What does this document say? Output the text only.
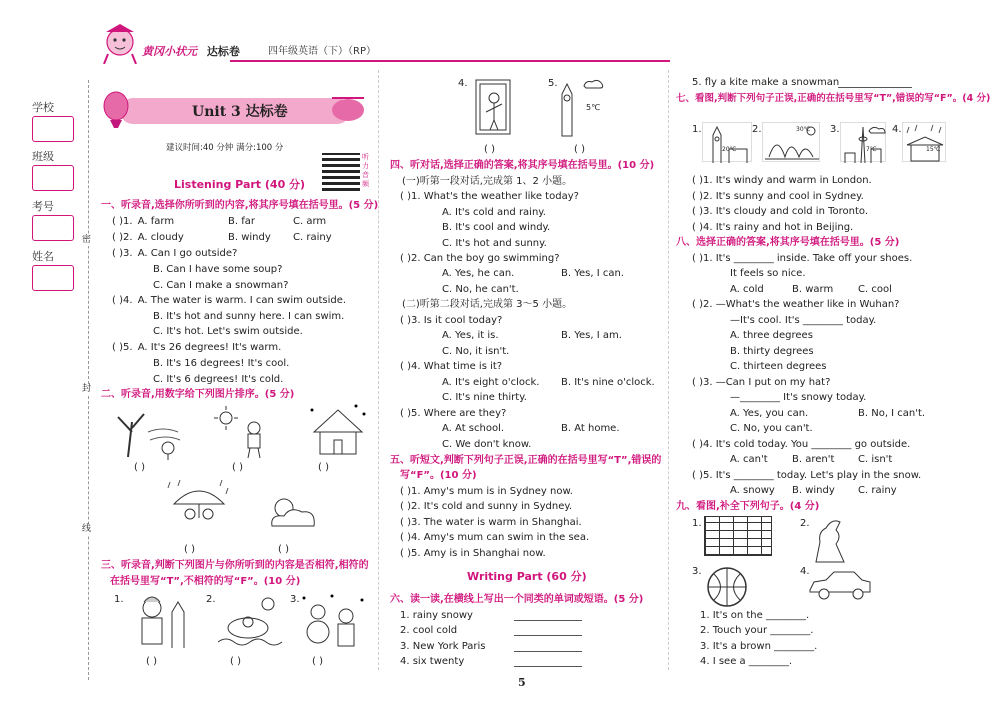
黄冈小状元 达标卷	四年级英语（下）（RP）
学校
班级
考号
姓名
密
封
线
Unit 3 达标卷
建议时间:40 分钟 满分:100 分
听力音频
Listening Part (40 分)
一、听录音,选择你所听到的内容,将其序号填在括号里。(5 分)
( )1. A. farm	B. far	C. arm
( )2. A. cloudy	B. windy C. rainy
( )3. A. Can I go outside?
B. Can I have some soup?
C. Can I make a snowman?
( )4. A. The water is warm. I can swim outside.
B. It's hot and sunny here. I can swim.
C. It's hot. Let's swim outside.
( )5. A. It's 26 degrees! It's warm.
B. It's 16 degrees! It's cool.
C. It's 6 degrees! It's cold.
二、听录音,用数字给下列图片排序。(5 分)
( )	( )	( )
( )	( )
三、听录音,判断下列图片与你所听到的内容是否相符,相符的
在括号里写“T”,不相符的写“F”。(10 分)
1.
( )
2.
( )
3.
( )
4.
( )
5.
5℃
( )
四、听对话,选择正确的答案,将其序号填在括号里。(10 分)
(一)听第一段对话,完成第 1、2 小题。
( )1. What's the weather like today?
A. It's cold and rainy.
B. It's cool and windy.
C. It's hot and sunny.
( )2. Can the boy go swimming?
A. Yes, he can.	B. Yes, I can.
C. No, he can't.
(二)听第二段对话,完成第 3～5 小题。
( )3. Is it cool today?
A. Yes, it is.	B. Yes, I am.
C. No, it isn't.
( )4. What time is it?
A. It's eight o'clock. B. It's nine o'clock.
C. It's nine thirty.
( )5. Where are they?
A. At school.	B. At home.
C. We don't know.
五、听短文,判断下列句子正误,正确的在括号里写“T”,错误的
写“F”。(10 分)
( )1. Amy's mum is in Sydney now.
( )2. It's cold and sunny in Sydney.
( )3. The water is warm in Shanghai.
( )4. Amy's mum can swim in the sea.
( )5. Amy is in Shanghai now.
Writing Part (60 分)
六、读一读,在横线上写出一个同类的单词或短语。(5 分)
1. rainy snowy
2. cool cold
3. New York Paris
4. six twenty
5. fly a kite make a snowman
七、看图,判断下列句子正误,正确的在括号里写“T”,错误的写“F”。(4 分)
1.
20℃
2.	30℃ 3.
7℃
4.
15℃
( )1. It's windy and warm in London.
( )2. It's sunny and cool in Sydney.
( )3. It's cloudy and cold in Toronto.
( )4. It's rainy and hot in Beijing.
八、选择正确的答案,将其序号填在括号里。(5 分)
( )1. It's ________ inside. Take off your shoes.
It feels so nice.
A. cold	B. warm C. cool
( )2. —What's the weather like in Wuhan?
—It's cool. It's ________ today.
A. three degrees
B. thirty degrees
C. thirteen degrees
( )3. —Can I put on my hat?
—________ It's snowy today.
A. Yes, you can.	B. No, I can't.
C. No, you can't.
( )4. It's cold today. You ________ go outside.
A. can't B. aren't C. isn't
( )5. It's ________ today. Let's play in the snow.
A. snowy B. windy C. rainy
九、看图,补全下列句子。(4 分)
1.	2.
3.	4.
1. It's on the ________.
2. Touch your ________.
3. It's a brown ________.
4. I see a ________.
5
